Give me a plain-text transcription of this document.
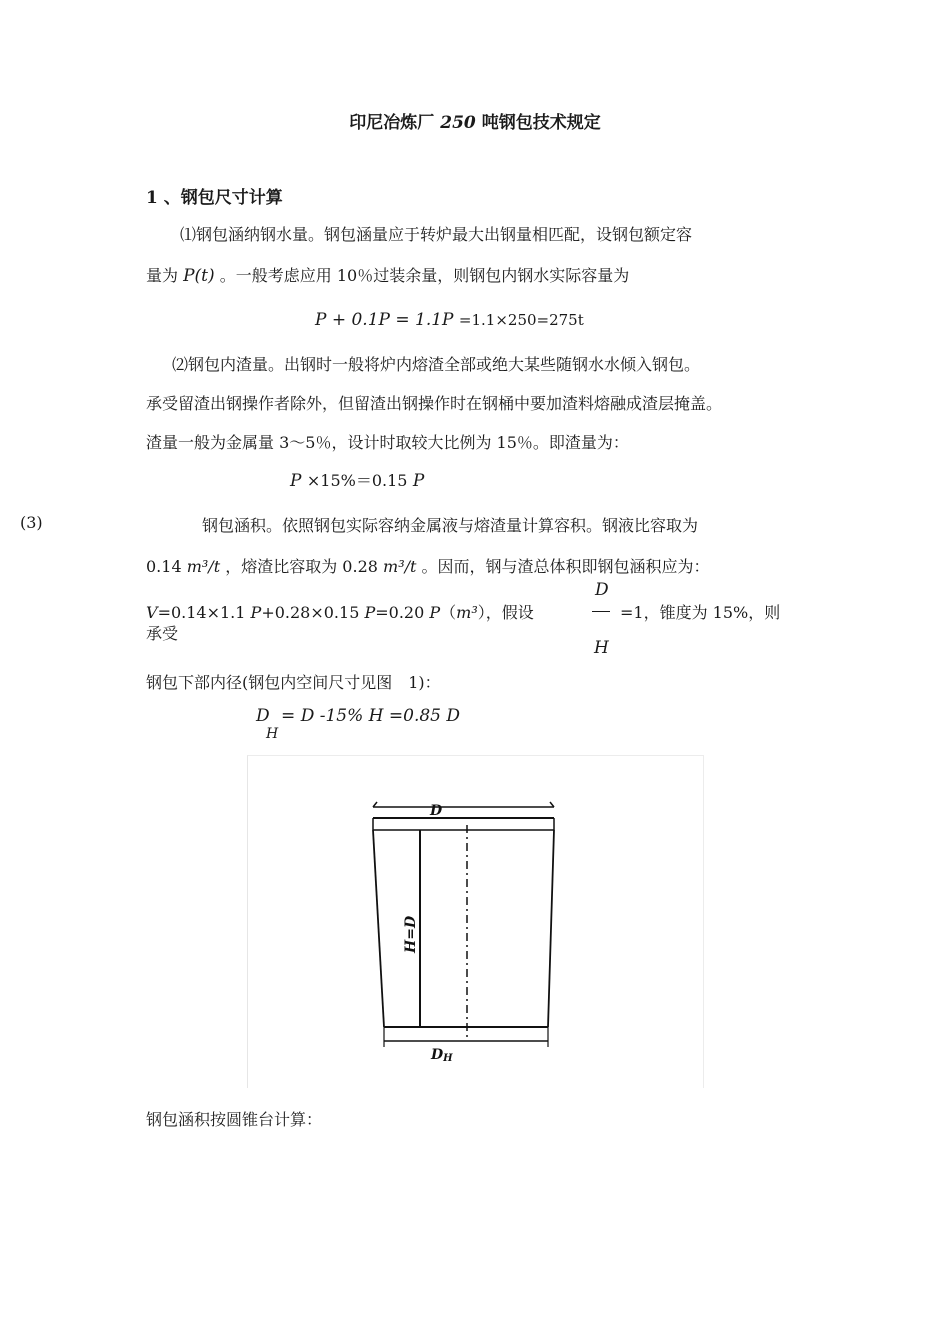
印尼冶炼厂 250 吨钢包技术规定
1 、钢包尺寸计算
⑴钢包涵纳钢水量。钢包涵量应于转炉最大出钢量相匹配，设钢包额定容
量为 P(t) 。一般考虑应用 10％过装余量，则钢包内钢水实际容量为
P + 0.1P = 1.1P =1.1×250=275t
⑵钢包内渣量。出钢时一般将炉内熔渣全部或绝大某些随钢水水倾入钢包。
承受留渣出钢操作者除外，但留渣出钢操作时在钢桶中要加渣料熔融成渣层掩盖。
渣量一般为金属量 3～5％，设计时取较大比例为 15％。即渣量为：
P ×15%＝0.15 P
(3)	钢包涵积。依照钢包实际容纳金属液与熔渣量计算容积。钢液比容取为
0.14 m³/t ，熔渣比容取为 0.28 m³/t 。因而，钢与渣总体积即钢包涵积应为：
D
H
V=0.14×1.1 P+0.28×0.15 P=0.20 P（m³），假设	=1，锥度为 15%，则
承受
钢包下部内径(钢包内空间尺寸见图　1)：
D
H
= D -15% H =0.85 D
D
H=D
DH
钢包涵积按圆锥台计算：
